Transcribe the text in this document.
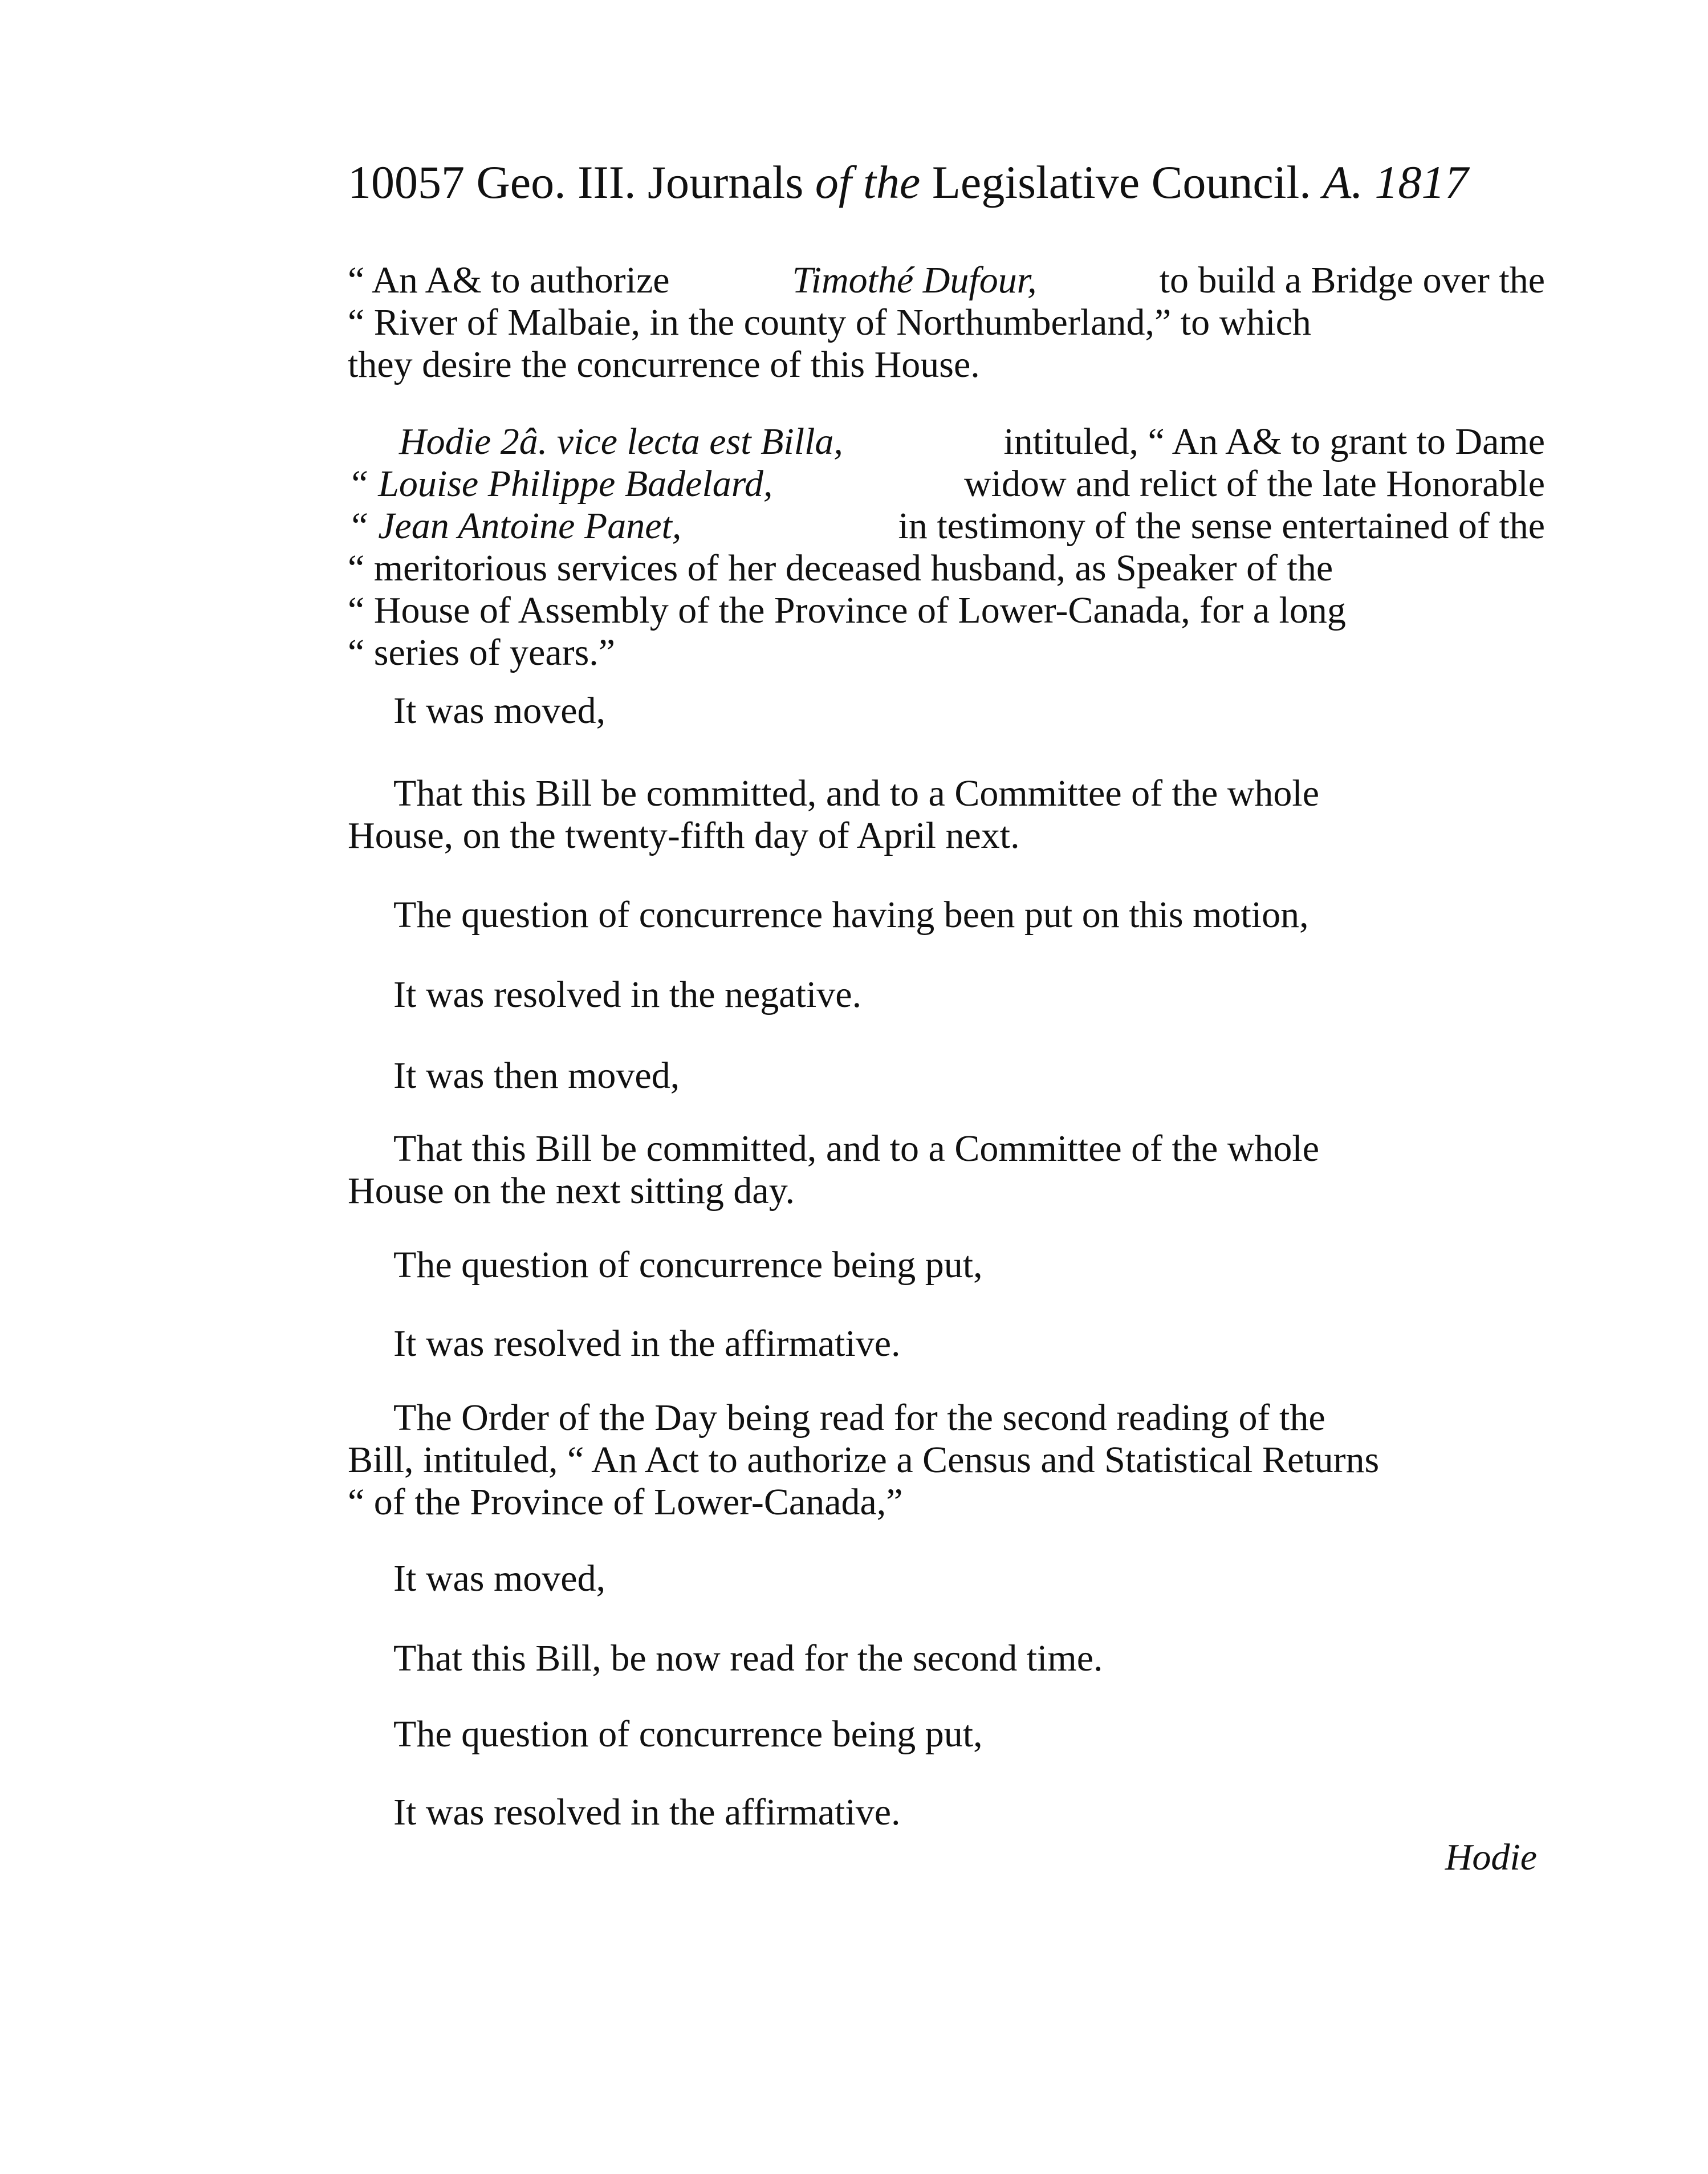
10057 Geo. III. Journals of the Legislative Council. A. 1817
“ An A& to authorize	Timothé Dufour,	to build a Bridge over the
“ River of Malbaie, in the county of Northumberland,” to which
they desire the concurrence of this House.
Hodie 2â. vice lecta est Billa,	intituled, “ An A& to grant to Dame
“ Louise Philippe Badelard,	widow and relict of the late Honorable
“ Jean Antoine Panet,	in testimony of the sense entertained of the
“ meritorious services of her deceased husband, as Speaker of the
“ House of Assembly of the Province of Lower-Canada, for a long
“ series of years.”
It was moved,
That this Bill be committed, and to a Committee of the whole
House, on the twenty-fifth day of April next.
The question of concurrence having been put on this motion,
It was resolved in the negative.
It was then moved,
That this Bill be committed, and to a Committee of the whole
House on the next sitting day.
The question of concurrence being put,
It was resolved in the affirmative.
The Order of the Day being read for the second reading of the
Bill, intituled, “ An Act to authorize a Census and Statistical Returns
“ of the Province of Lower-Canada,”
It was moved,
That this Bill, be now read for the second time.
The question of concurrence being put,
It was resolved in the affirmative.
Hodie
